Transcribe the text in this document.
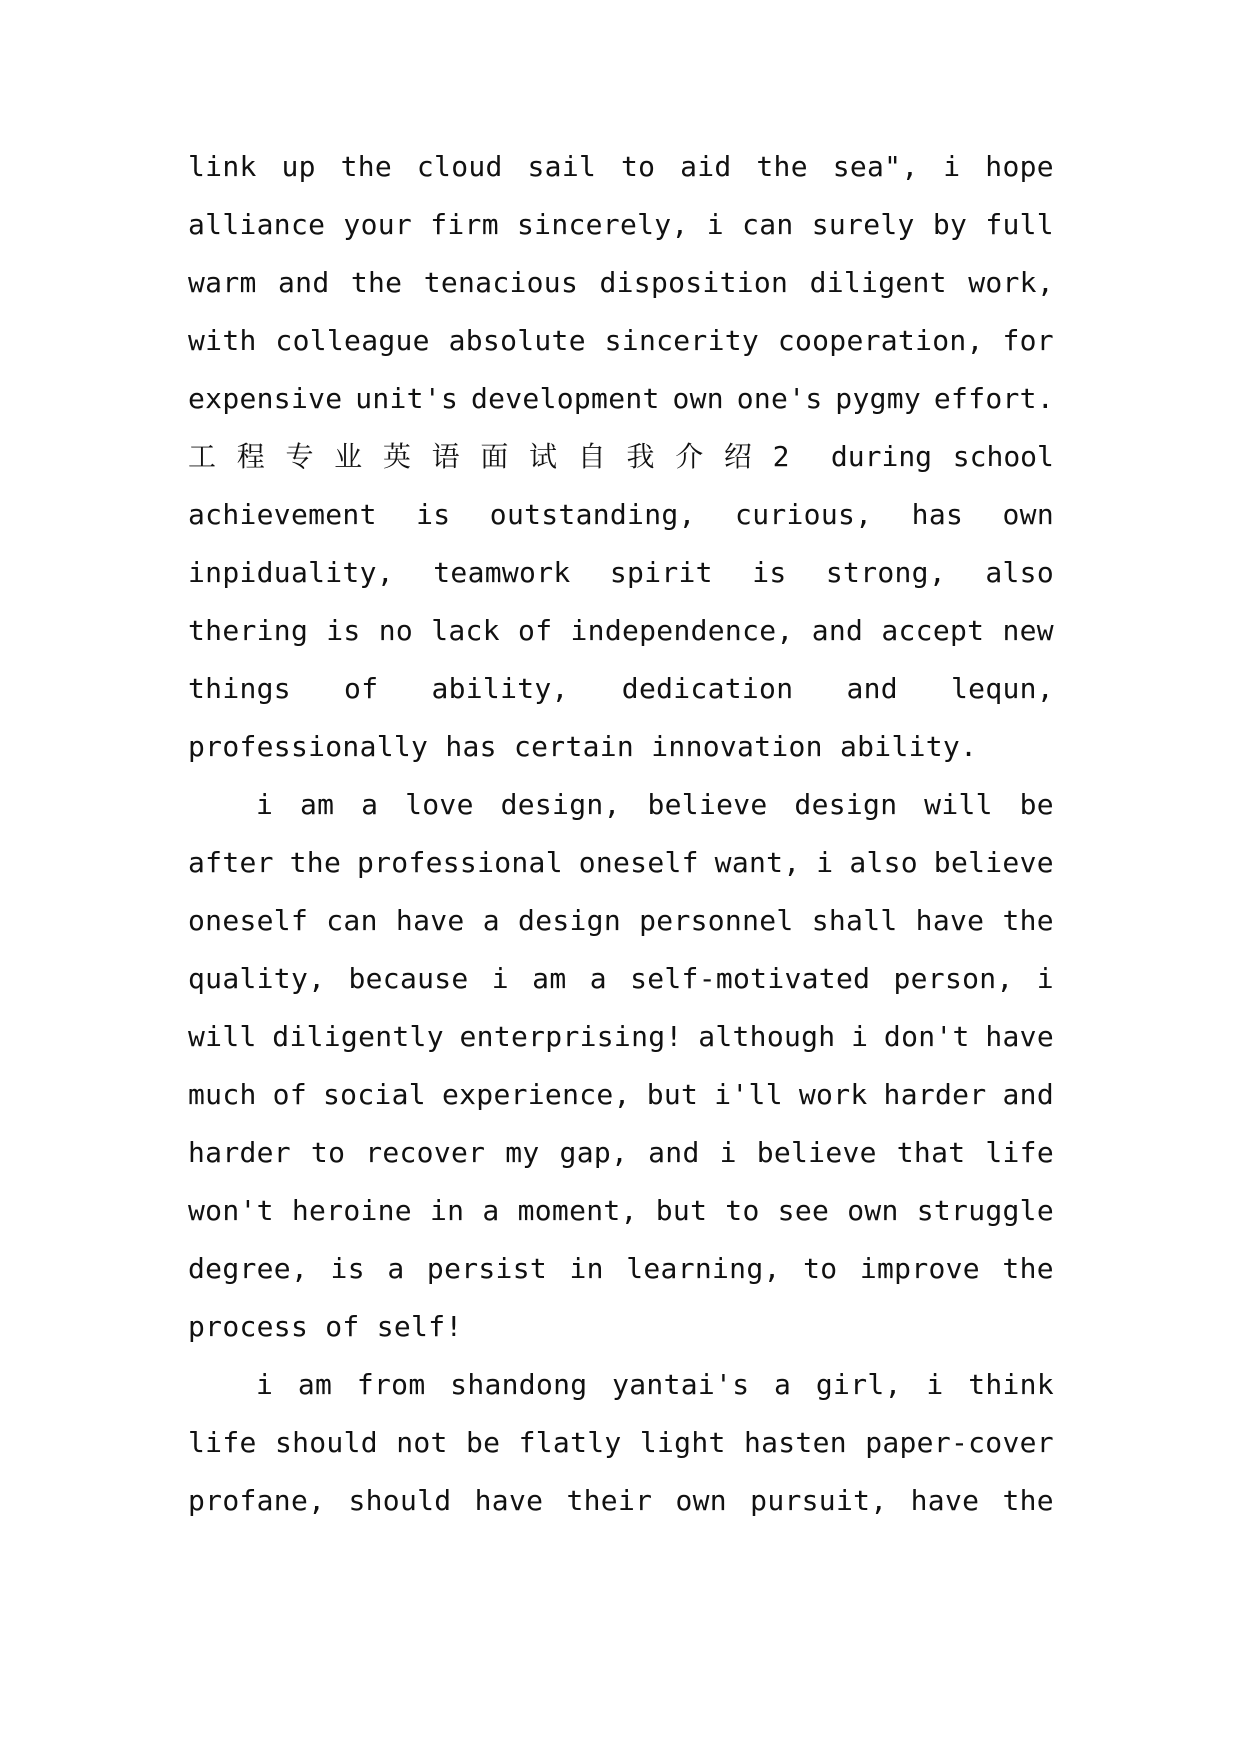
link up the cloud sail to aid the sea", i hope
alliance your firm sincerely, i can surely by full
warm and the tenacious disposition diligent work,
with colleague absolute sincerity cooperation, for
expensive unit's development own one's pygmy effort.
工 程 专 业 英 语 面 试 自 我 介 绍 2 during school
achievement is outstanding, curious, has own
inpiduality, teamwork spirit is strong, also
thering is no lack of independence, and accept new
things of ability, dedication and lequn,
professionally has certain innovation ability.
i am a love design, believe design will be
after the professional oneself want, i also believe
oneself can have a design personnel shall have the
quality, because i am a self-motivated person, i
will diligently enterprising! although i don't have
much of social experience, but i'll work harder and
harder to recover my gap, and i believe that life
won't heroine in a moment, but to see own struggle
degree, is a persist in learning, to improve the
process of self!
i am from shandong yantai's a girl, i think
life should not be flatly light hasten paper-cover
profane, should have their own pursuit, have the
